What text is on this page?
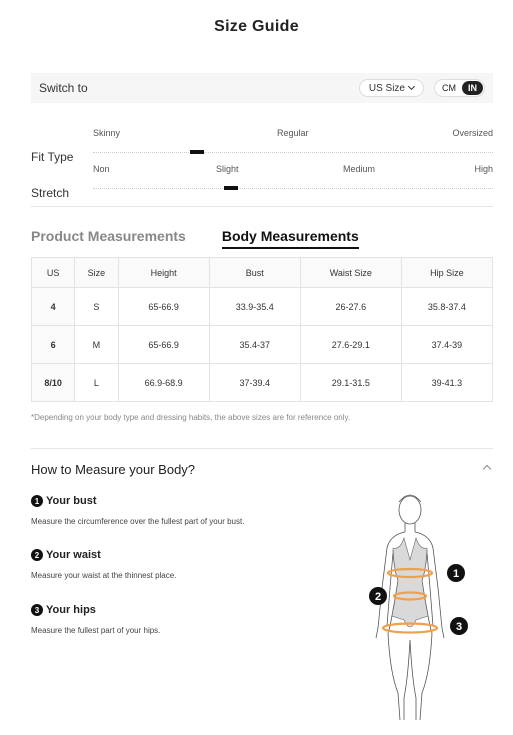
Size Guide
Switch to	US Size	CM	IN
Fit Type
Skinny	Regular	Oversized
Stretch
Non	Slight	Medium	High
Product Measurements	Body Measurements
US	Size	Height	Bust	Waist Size	Hip Size
4	S	65-66.9	33.9-35.4	26-27.6	35.8-37.4
6	M	65-66.9	35.4-37	27.6-29.1	37.4-39
8/10	L	66.9-68.9	37-39.4	29.1-31.5	39-41.3
*Depending on your body type and dressing habits, the above sizes are for reference only.
How to Measure your Body?
1 Your bust
Measure the circumference over the fullest part of your bust.
2 Your waist
Measure your waist at the thinnest place.
3 Your hips
Measure the fullest part of your hips.
1
2
3
